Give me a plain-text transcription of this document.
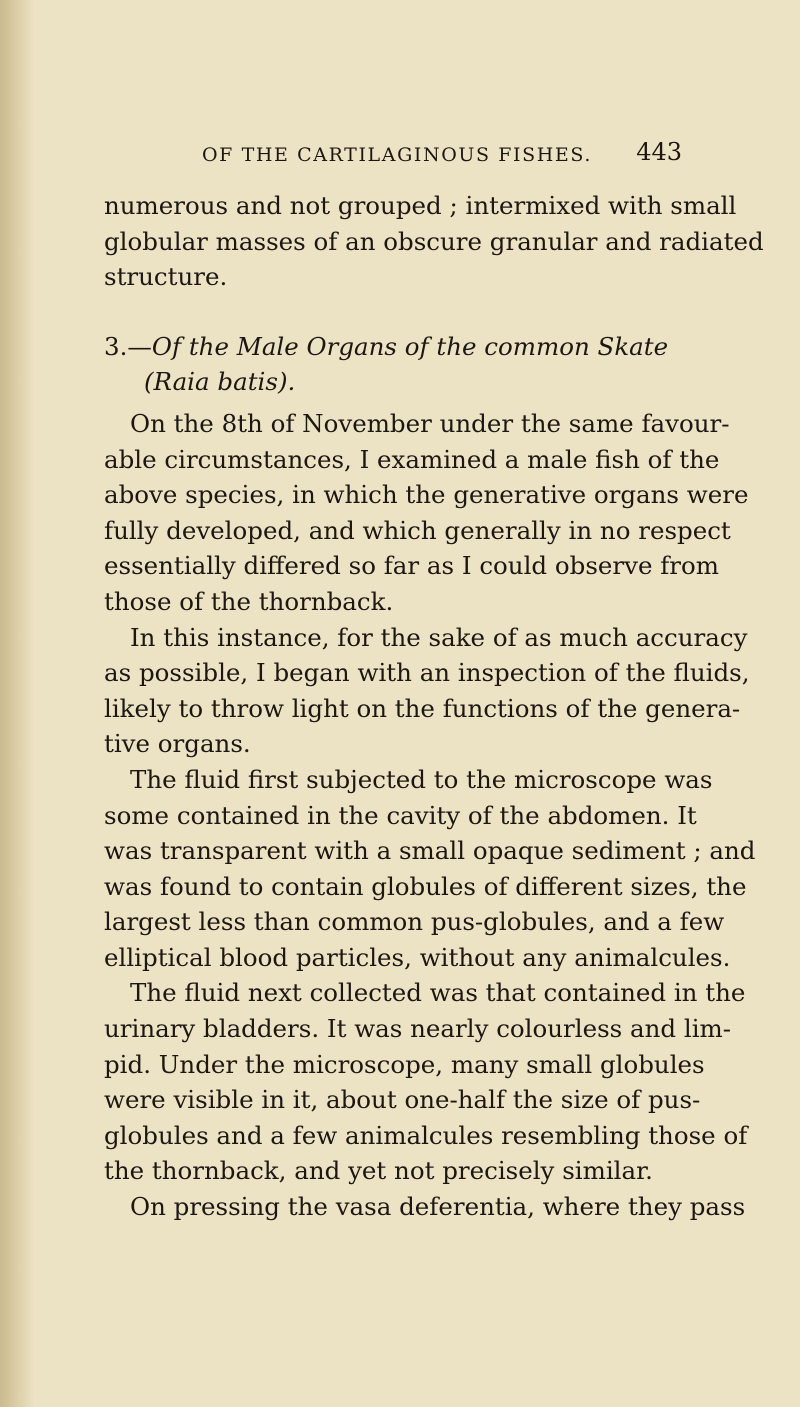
OF THE CARTILAGINOUS FISHES. 443
numerous and not grouped ; intermixed with small
globular masses of an obscure granular and radiated
structure.
3.—Of the Male Organs of the common Skate
(Raia batis).
On the 8th of November under the same favour-
able circumstances, I examined a male fish of the
above species, in which the generative organs were
fully developed, and which generally in no respect
essentially differed so far as I could observe from
those of the thornback.
In this instance, for the sake of as much accuracy
as possible, I began with an inspection of the fluids,
likely to throw light on the functions of the genera-
tive organs.
The fluid first subjected to the microscope was
some contained in the cavity of the abdomen. It
was transparent with a small opaque sediment ; and
was found to contain globules of different sizes, the
largest less than common pus-globules, and a few
elliptical blood particles, without any animalcules.
The fluid next collected was that contained in the
urinary bladders. It was nearly colourless and lim-
pid. Under the microscope, many small globules
were visible in it, about one-half the size of pus-
globules and a few animalcules resembling those of
the thornback, and yet not precisely similar.
On pressing the vasa deferentia, where they pass
